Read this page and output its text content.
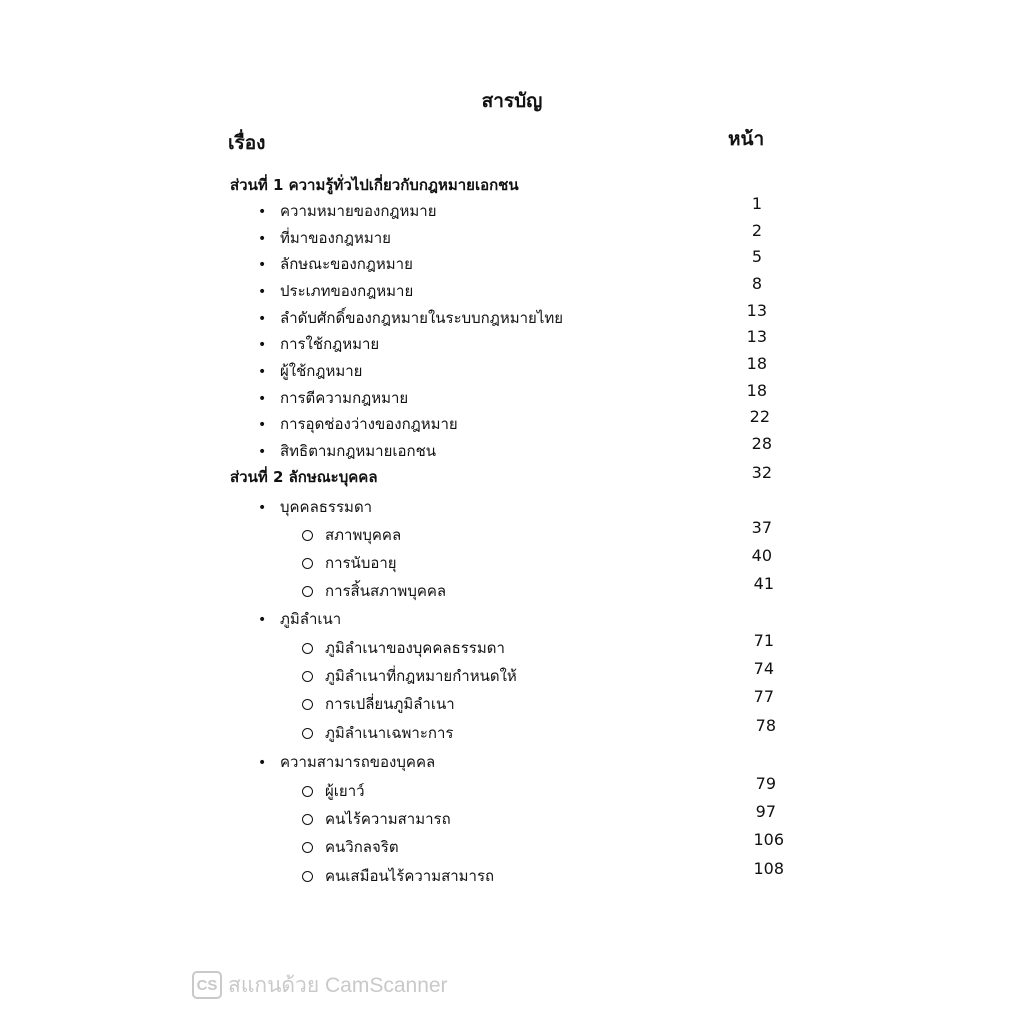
สารบัญ
เรื่อง	หน้า
ส่วนที่ 1 ความรู้ทั่วไปเกี่ยวกับกฎหมายเอกชน
• ความหมายของกฎหมาย	1
• ที่มาของกฎหมาย	2
• ลักษณะของกฎหมาย	5
• ประเภทของกฎหมาย	8
• ลำดับศักดิ์ของกฎหมายในระบบกฎหมายไทย	13
• การใช้กฎหมาย	13
• ผู้ใช้กฎหมาย	18
• การตีความกฎหมาย	18
• การอุดช่องว่างของกฎหมาย	22
• สิทธิตามกฎหมายเอกชน	28
ส่วนที่ 2 ลักษณะบุคคล	32
• บุคคลธรรมดา
สภาพบุคคล	37
การนับอายุ	40
การสิ้นสภาพบุคคล	41
• ภูมิลำเนา
ภูมิลำเนาของบุคคลธรรมดา	71
ภูมิลำเนาที่กฎหมายกำหนดให้	74
การเปลี่ยนภูมิลำเนา	77
ภูมิลำเนาเฉพาะการ	78
• ความสามารถของบุคคล
ผู้เยาว์	79
คนไร้ความสามารถ	97
คนวิกลจริต	106
คนเสมือนไร้ความสามารถ	108
CS สแกนด้วย CamScanner
